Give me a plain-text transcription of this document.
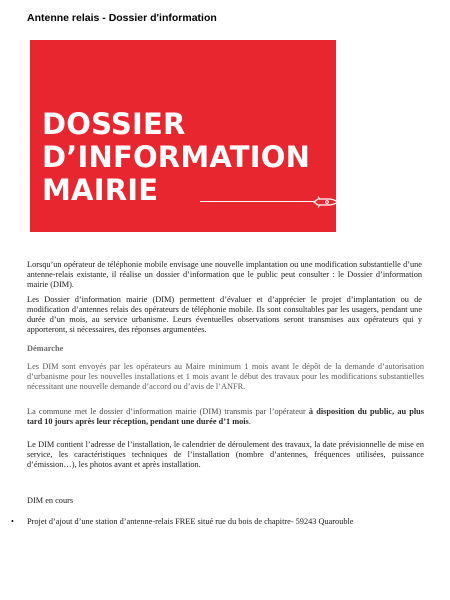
Antenne relais - Dossier d'information
DOSSIER
D’INFORMATION
MAIRIE
Lorsqu’un opérateur de téléphonie mobile envisage une nouvelle implantation ou une modification substantielle d’une antenne-relais existante, il réalise un dossier d’information que le public peut consulter : le Dossier d’information mairie (DIM).
Les Dossier d’information mairie (DIM) permettent d’évaluer et d’apprécier le projet d’implantation ou de modification d’antennes relais des opérateurs de téléphonie mobile. Ils sont consultables par les usagers, pendant une durée d’un mois, au service urbanisme. Leurs éventuelles observations seront transmises aux opérateurs qui y apporteront, si nécessaires, des réponses argumentées.
Démarche
Les DIM sont envoyés par les opérateurs au Maire minimum 1 mois avant le dépôt de la demande d’autorisation d’urbanisme pour les nouvelles installations et 1 mois avant le début des travaux pour les modifications substantielles nécessitant une nouvelle demande d’accord ou d’avis de l’ANFR.
La commune met le dossier d’information mairie (DIM) transmis par l’opérateur à disposition du public, au plus tard 10 jours après leur réception, pendant une durée d’1 mois.
Le DIM contient l’adresse de l’installation, le calendrier de déroulement des travaux, la date prévisionnelle de mise en service, les caractéristiques techniques de l’installation (nombre d’antennes, fréquences utilisées, puissance d’émission…), les photos avant et après installation.
DIM en cours
• Projet d’ajout d’une station d’antenne-relais FREE situé rue du bois de chapitre- 59243 Quarouble
